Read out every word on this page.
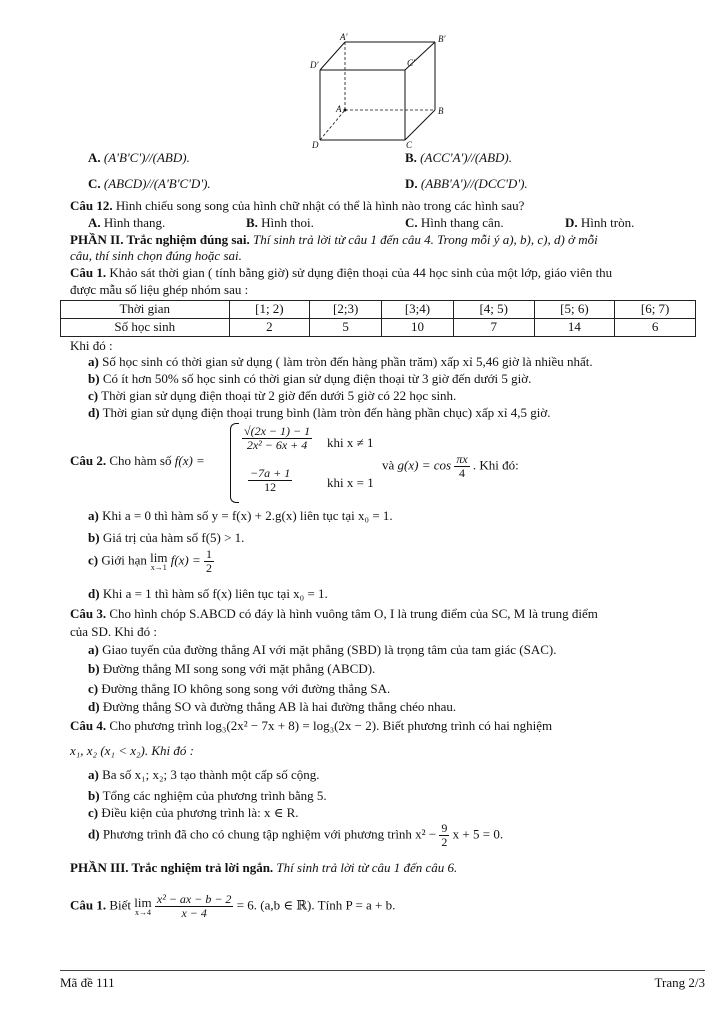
A'	B'
D'	C'
A	B
D	C
A. (A'B'C')//(ABD).	B. (ACC'A')//(ABD).
C. (ABCD)//(A'B'C'D').	D. (ABB'A')//(DCC'D').
Câu 12. Hình chiếu song song của hình chữ nhật có thể là hình nào trong các hình sau?
A. Hình thang.	B. Hình thoi.	C. Hình thang cân.	D. Hình tròn.
PHẦN II. Trắc nghiệm đúng sai. Thí sinh trả lời từ câu 1 đến câu 4. Trong mỗi ý a), b), c), d) ở mỗi
câu, thí sinh chọn đúng hoặc sai.
Câu 1. Khảo sát thời gian ( tính bằng giờ) sử dụng điện thoại của 44 học sinh của một lớp, giáo viên thu
được mẫu số liệu ghép nhóm sau :
Thời gian	[1; 2)	[2;3)	[3;4)	[4; 5)	[5; 6)	[6; 7)
Số học sinh	2	5	10	7	14	6
Khi đó :
a) Số học sinh có thời gian sử dụng ( làm tròn đến hàng phần trăm) xấp xỉ 5,46 giờ là nhiều nhất.
b) Có ít hơn 50% số học sinh có thời gian sử dụng điện thoại từ 3 giờ đến dưới 5 giờ.
c) Thời gian sử dụng điện thoại từ 2 giờ đến dưới 5 giờ có 22 học sinh.
d) Thời gian sử dụng điện thoại trung bình (làm tròn đến hàng phần chục) xấp xỉ 4,5 giờ.
Câu 2. Cho hàm số f(x) =
$\frac{√(2x - 1) - 1}{\text{2x² − 6x + 4}}$ khi x ≠ 1
$\frac{-7a + 1}{12}$	khi x = 1
và $g(x) = \cos \frac{\pi x}{4}$ . Khi đó:
a) Khi a = 0 thì hàm số y = f(x) + 2.g(x) liên tục tại x₀ = 1.
b) Giá trị của hàm số f(5) > 1.
c) Giới hạn lim
x→1
$f(x) = \frac{1}{2}$
d) Khi a = 1 thì hàm số f(x) liên tục tại x₀ = 1.
Câu 3. Cho hình chóp S.ABCD có đáy là hình vuông tâm O, I là trung điểm của SC, M là trung điểm
của SD. Khi đó :
a) Giao tuyến của đường thẳng AI với mặt phẳng (SBD) là trọng tâm của tam giác (SAC).
b) Đường thẳng MI song song với mặt phẳng (ABCD).
c) Đường thẳng IO không song song với đường thẳng SA.
d) Đường thẳng SO và đường thẳng AB là hai đường thẳng chéo nhau.
Câu 4. Cho phương trình log₃(2x² − 7x + 8) = log₃(2x − 2). Biết phương trình có hai nghiệm
x₁, x₂ (x₁ < x₂). Khi đó :
a) Ba số x₁; x₂; 3 tạo thành một cấp số cộng.
b) Tổng các nghiệm của phương trình bằng 5.
c) Điều kiện của phương trình là: x ∈ R.
d) Phương trình đã cho có chung tập nghiệm với phương trình $x^2 - \frac{9}{2}$ x + 5 = 0.
PHẦN III. Trắc nghiệm trả lời ngắn. Thí sinh trả lời từ câu 1 đến câu 6.
Câu 1. Biết lim
x→4
$\frac{\text{x² − ax − b − 2}}{x - 4} = 6$. (a,b ∈ ℝ). Tính P = a + b.
Mã đề 111	Trang 2/3
